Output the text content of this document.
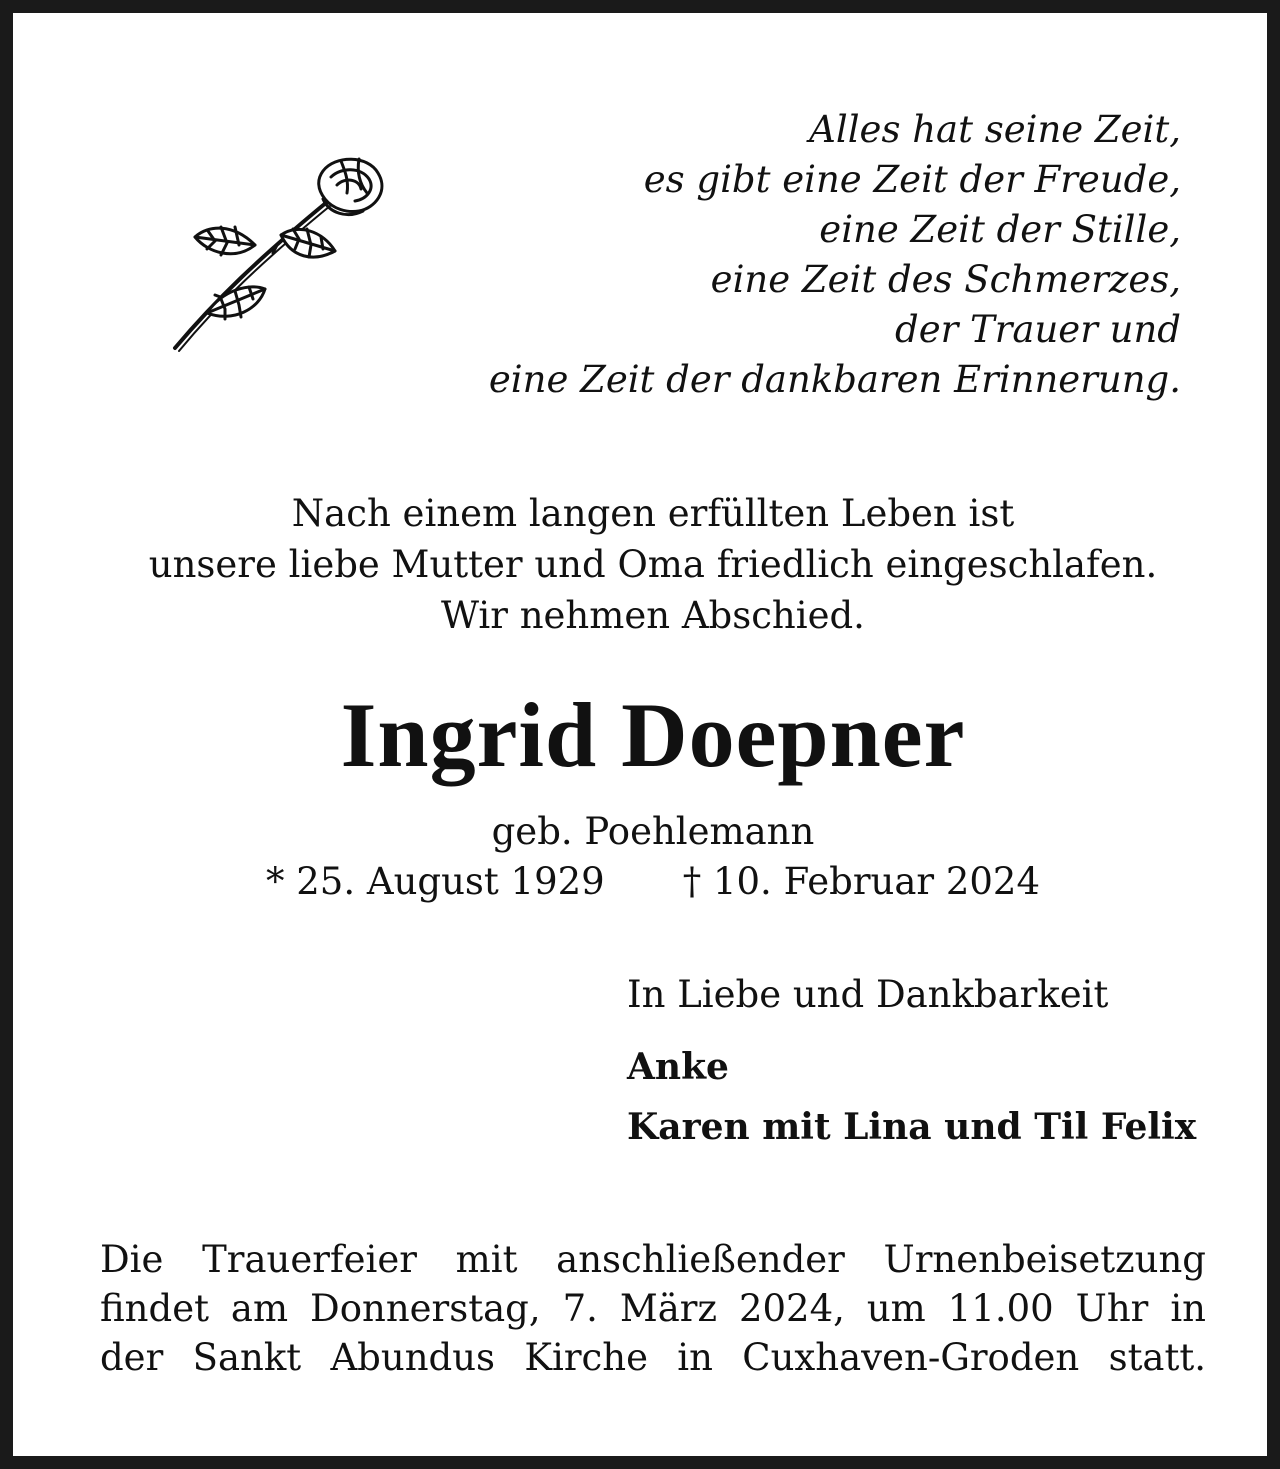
Alles hat seine Zeit,
es gibt eine Zeit der Freude,
eine Zeit der Stille,
eine Zeit des Schmerzes,
der Trauer und
eine Zeit der dankbaren Erinnerung.
Nach einem langen erfüllten Leben ist
unsere liebe Mutter und Oma friedlich eingeschlafen.
Wir nehmen Abschied.
Ingrid Doepner
geb. Poehlemann
* 25. August 1929 † 10. Februar 2024
In Liebe und Dankbarkeit
Anke
Karen mit Lina und Til Felix
Die Trauerfeier mit anschließender Urnenbeisetzung
findet am Donnerstag, 7. März 2024, um 11.00 Uhr in
der Sankt Abundus Kirche in Cuxhaven-Groden statt.
